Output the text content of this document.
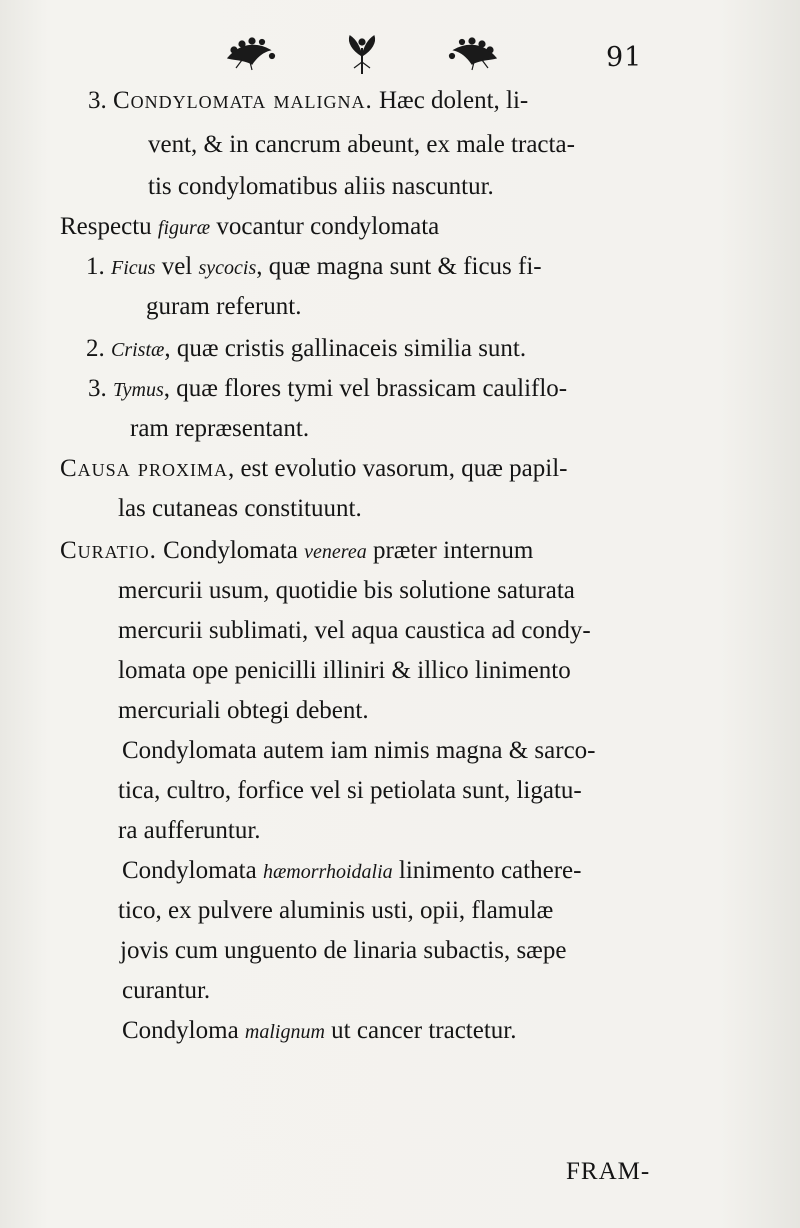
91
3. Condylomata maligna. Hæc dolent, li-
vent, & in cancrum abeunt, ex male tracta-
tis condylomatibus aliis nascuntur.
Respectu figuræ vocantur condylomata
1. Ficus vel sycocis, quæ magna sunt & ficus fi-
guram referunt.
2. Cristæ, quæ cristis gallinaceis similia sunt.
3. Tymus, quæ flores tymi vel brassicam cauliflo-
ram repræsentant.
Causa proxima, est evolutio vasorum, quæ papil-
las cutaneas constituunt.
Curatio. Condylomata venerea præter internum
mercurii usum, quotidie bis solutione saturata
mercurii sublimati, vel aqua caustica ad condy-
lomata ope penicilli illiniri & illico linimento
mercuriali obtegi debent.
Condylomata autem iam nimis magna & sarco-
tica, cultro, forfice vel si petiolata sunt, ligatu-
ra aufferuntur.
Condylomata hæmorrhoidalia linimento cathere-
tico, ex pulvere aluminis usti, opii, flamulæ
jovis cum unguento de linaria subactis, sæpe
curantur.
Condyloma malignum ut cancer tractetur.
FRAM-
